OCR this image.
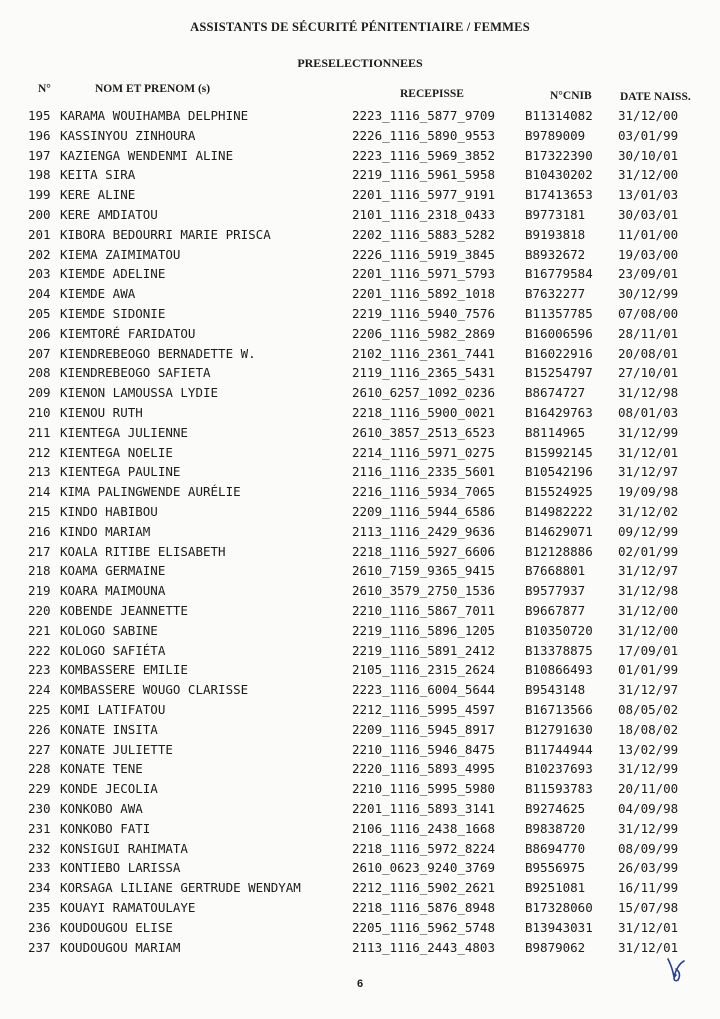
ASSISTANTS DE SÉCURITÉ PÉNITENTIAIRE / FEMMES
PRESELECTIONNEES
N°	NOM ET PRENOM (s)	RECEPISSE	N°CNIB DATE NAISS.
195 KARAMA WOUIHAMBA DELPHINE	2223_1116_5877_9709 B11314082 31/12/00
196 KASSINYOU ZINHOURA	2226_1116_5890_9553 B9789009	03/01/99
197 KAZIENGA WENDENMI ALINE	2223_1116_5969_3852 B17322390 30/10/01
198 KEITA SIRA	2219_1116_5961_5958 B10430202 31/12/00
199 KERE ALINE	2201_1116_5977_9191 B17413653 13/01/03
200 KERE AMDIATOU	2101_1116_2318_0433 B9773181	30/03/01
201 KIBORA BEDOURRI MARIE PRISCA	2202_1116_5883_5282 B9193818	11/01/00
202 KIEMA ZAIMIMATOU	2226_1116_5919_3845 B8932672	19/03/00
203 KIEMDE ADELINE	2201_1116_5971_5793 B16779584 23/09/01
204 KIEMDE AWA	2201_1116_5892_1018 B7632277	30/12/99
205 KIEMDE SIDONIE	2219_1116_5940_7576 B11357785 07/08/00
206 KIEMTORÉ FARIDATOU	2206_1116_5982_2869 B16006596 28/11/01
207 KIENDREBEOGO BERNADETTE W.	2102_1116_2361_7441 B16022916 20/08/01
208 KIENDREBEOGO SAFIETA	2119_1116_2365_5431 B15254797 27/10/01
209 KIENON LAMOUSSA LYDIE	2610_6257_1092_0236 B8674727	31/12/98
210 KIENOU RUTH	2218_1116_5900_0021 B16429763 08/01/03
211 KIENTEGA JULIENNE	2610_3857_2513_6523 B8114965	31/12/99
212 KIENTEGA NOELIE	2214_1116_5971_0275 B15992145 31/12/01
213 KIENTEGA PAULINE	2116_1116_2335_5601 B10542196 31/12/97
214 KIMA PALINGWENDE AURÉLIE	2216_1116_5934_7065 B15524925 19/09/98
215 KINDO HABIBOU	2209_1116_5944_6586 B14982222 31/12/02
216 KINDO MARIAM	2113_1116_2429_9636 B14629071 09/12/99
217 KOALA RITIBE ELISABETH	2218_1116_5927_6606 B12128886 02/01/99
218 KOAMA GERMAINE	2610_7159_9365_9415 B7668801	31/12/97
219 KOARA MAIMOUNA	2610_3579_2750_1536 B9577937	31/12/98
220 KOBENDE JEANNETTE	2210_1116_5867_7011 B9667877	31/12/00
221 KOLOGO SABINE	2219_1116_5896_1205 B10350720 31/12/00
222 KOLOGO SAFIÉTA	2219_1116_5891_2412 B13378875 17/09/01
223 KOMBASSERE EMILIE	2105_1116_2315_2624 B10866493 01/01/99
224 KOMBASSERE WOUGO CLARISSE	2223_1116_6004_5644 B9543148	31/12/97
225 KOMI LATIFATOU	2212_1116_5995_4597 B16713566 08/05/02
226 KONATE INSITA	2209_1116_5945_8917 B12791630 18/08/02
227 KONATE JULIETTE	2210_1116_5946_8475 B11744944 13/02/99
228 KONATE TENE	2220_1116_5893_4995 B10237693 31/12/99
229 KONDE JECOLIA	2210_1116_5995_5980 B11593783 20/11/00
230 KONKOBO AWA	2201_1116_5893_3141 B9274625	04/09/98
231 KONKOBO FATI	2106_1116_2438_1668 B9838720	31/12/99
232 KONSIGUI RAHIMATA	2218_1116_5972_8224 B8694770	08/09/99
233 KONTIEBO LARISSA	2610_0623_9240_3769 B9556975	26/03/99
234 KORSAGA LILIANE GERTRUDE WENDYAM	2212_1116_5902_2621 B9251081	16/11/99
235 KOUAYI RAMATOULAYE	2218_1116_5876_8948 B17328060 15/07/98
236 KOUDOUGOU ELISE	2205_1116_5962_5748 B13943031 31/12/01
237 KOUDOUGOU MARIAM	2113_1116_2443_4803 B9879062	31/12/01
6
